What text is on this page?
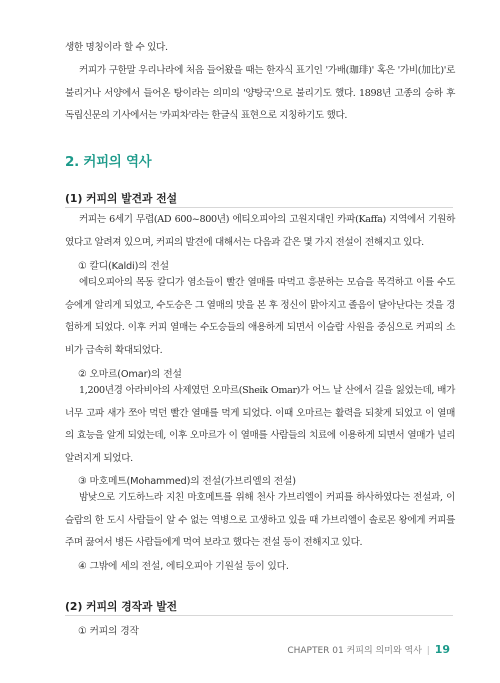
생한 명칭이라 할 수 있다.

커피가 구한말 우리나라에 처음 들어왔을 때는 한자식 표기인 '가배(珈琲)' 혹은 '가비(加比)'로 불리거나 서양에서 들어온 탕이라는 의미의 '양탕국'으로 불리기도 했다. 1898년 고종의 승하 후 독립신문의 기사에서는 '카피차'라는 한글식 표현으로 지칭하기도 했다.

2. 커피의 역사
(1) 커피의 발견과 전설

커피는 6세기 무렵(AD 600~800년) 에티오피아의 고원지대인 카파(Kaffa) 지역에서 기원하였다고 알려져 있으며, 커피의 발견에 대해서는 다음과 같은 몇 가지 전설이 전해지고 있다.

① 칼디(Kaldi)의 전설

에티오피아의 목동 칼디가 염소들이 빨간 열매를 따먹고 흥분하는 모습을 목격하고 이를 수도승에게 알리게 되었고, 수도승은 그 열매의 맛을 본 후 정신이 맑아지고 졸음이 달아난다는 것을 경험하게 되었다. 이후 커피 열매는 수도승들의 애용하게 되면서 이슬람 사원을 중심으로 커피의 소비가 급속히 확대되었다.

② 오마르(Omar)의 전설

1,200년경 아라비아의 사제였던 오마르(Sheik Omar)가 어느 날 산에서 길을 잃었는데, 배가 너무 고파 새가 쪼아 먹던 빨간 열매를 먹게 되었다. 이때 오마르는 활력을 되찾게 되었고 이 열매의 효능을 알게 되었는데, 이후 오마르가 이 열매를 사람들의 치료에 이용하게 되면서 열매가 널리 알려지게 되었다.

③ 마호메트(Mohammed)의 전설(가브리엘의 전설)

밤낮으로 기도하느라 지친 마호메트를 위해 천사 가브리엘이 커피를 하사하였다는 전설과, 이슬람의 한 도시 사람들이 알 수 없는 역병으로 고생하고 있을 때 가브리엘이 솔로몬 왕에게 커피를 주며 끓여서 병든 사람들에게 먹여 보라고 했다는 전설 등이 전해지고 있다.

④ 그밖에 세의 전설, 에티오피아 기원설 등이 있다.

(2) 커피의 경작과 발전

① 커피의 경작

CHAPTER 01 커피의 의미와 역사 | 19
